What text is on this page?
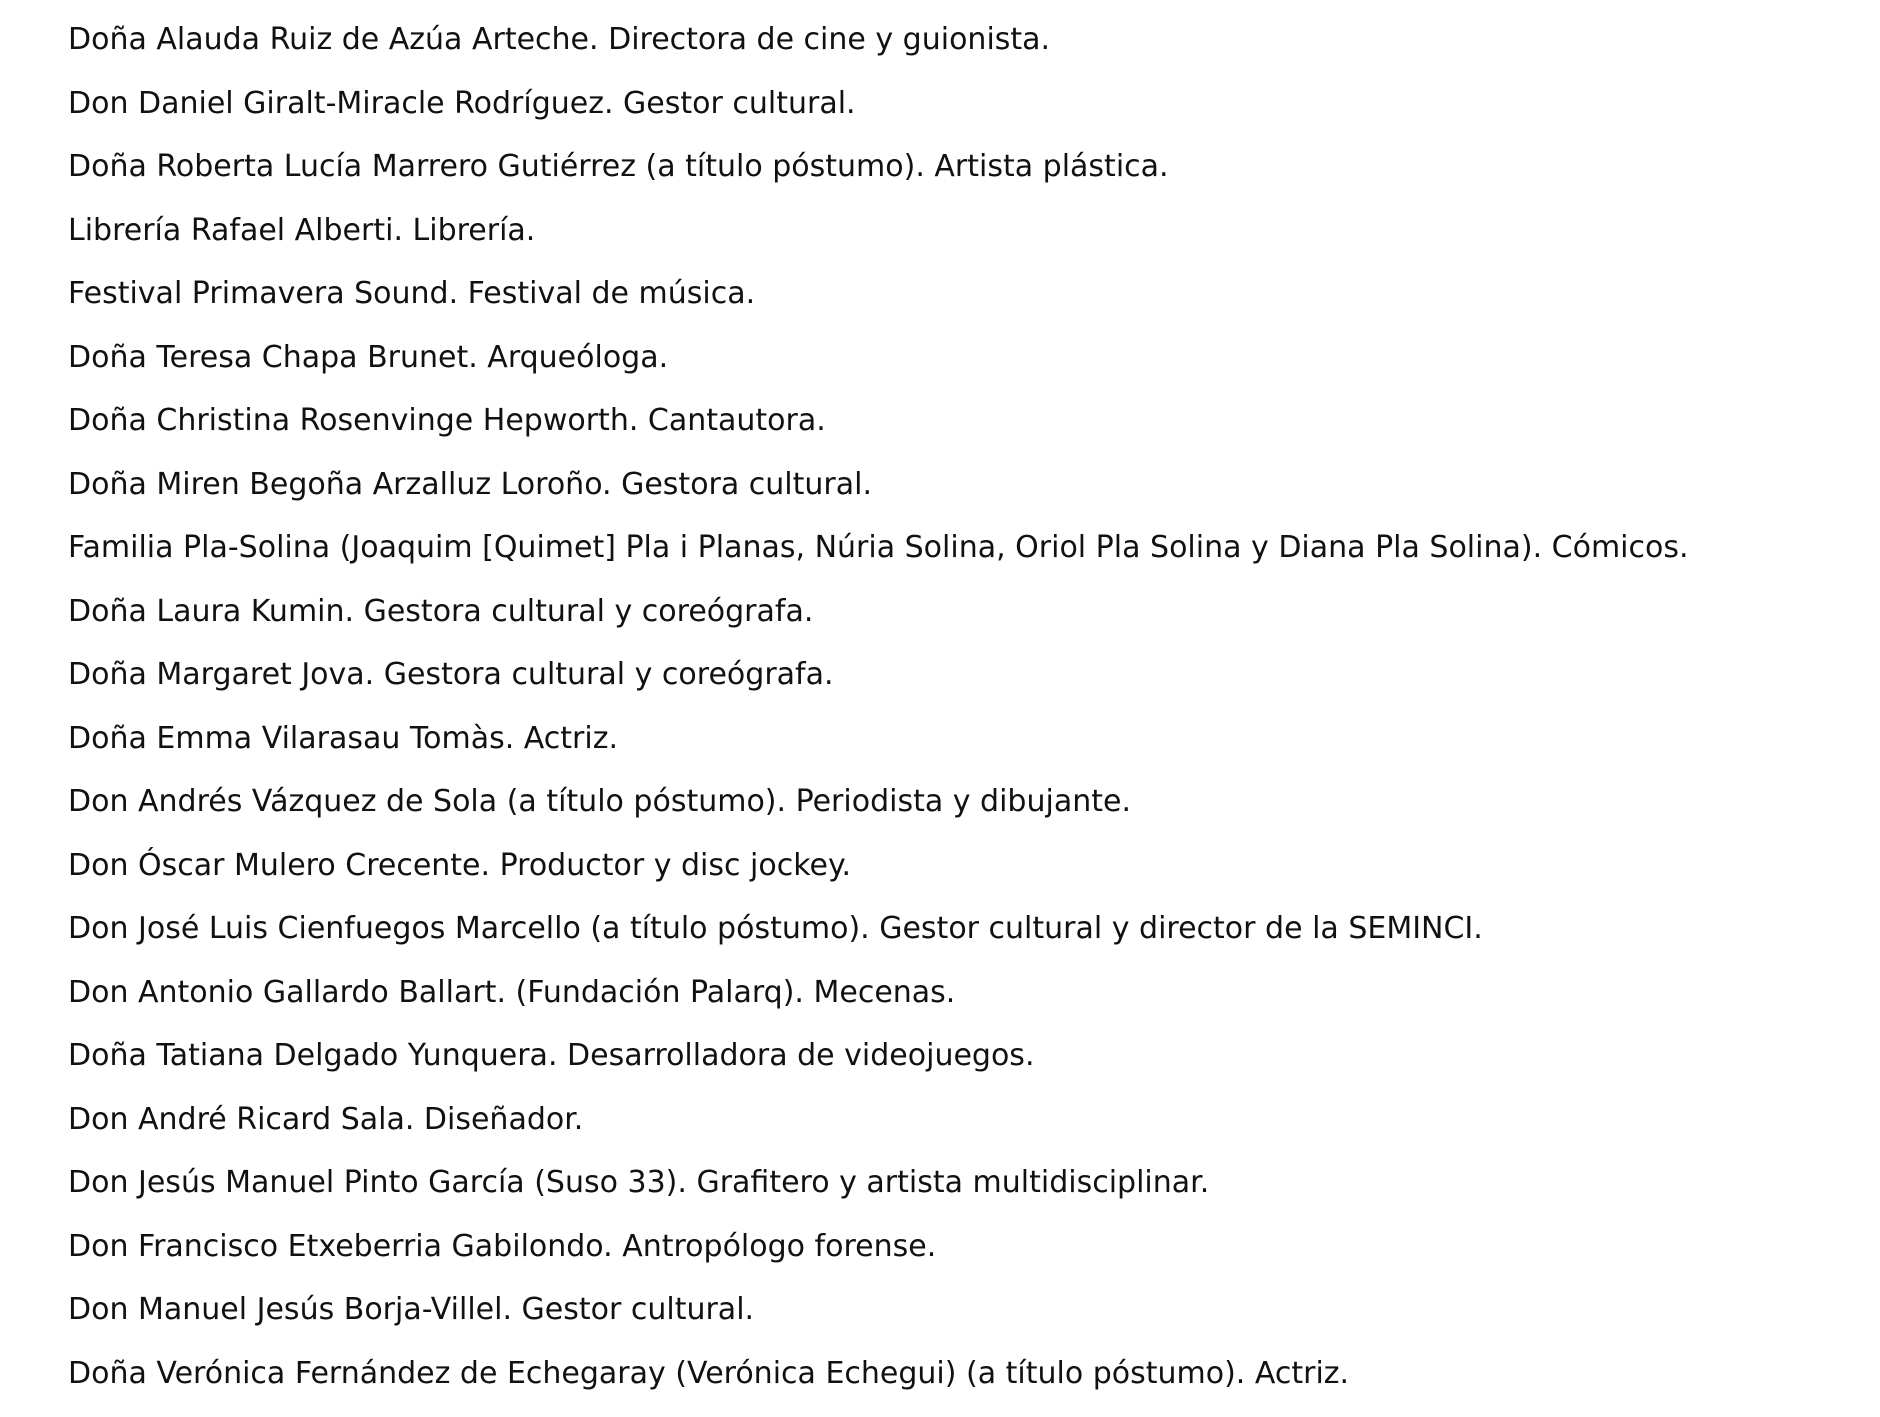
Doña Alauda Ruiz de Azúa Arteche. Directora de cine y guionista.
Don Daniel Giralt-Miracle Rodríguez. Gestor cultural.
Doña Roberta Lucía Marrero Gutiérrez (a título póstumo). Artista plástica.
Librería Rafael Alberti. Librería.
Festival Primavera Sound. Festival de música.
Doña Teresa Chapa Brunet. Arqueóloga.
Doña Christina Rosenvinge Hepworth. Cantautora.
Doña Miren Begoña Arzalluz Loroño. Gestora cultural.
Familia Pla-Solina (Joaquim [Quimet] Pla i Planas, Núria Solina, Oriol Pla Solina y Diana Pla Solina). Cómicos.
Doña Laura Kumin. Gestora cultural y coreógrafa.
Doña Margaret Jova. Gestora cultural y coreógrafa.
Doña Emma Vilarasau Tomàs. Actriz.
Don Andrés Vázquez de Sola (a título póstumo). Periodista y dibujante.
Don Óscar Mulero Crecente. Productor y disc jockey.
Don José Luis Cienfuegos Marcello (a título póstumo). Gestor cultural y director de la SEMINCI.
Don Antonio Gallardo Ballart. (Fundación Palarq). Mecenas.
Doña Tatiana Delgado Yunquera. Desarrolladora de videojuegos.
Don André Ricard Sala. Diseñador.
Don Jesús Manuel Pinto García (Suso 33). Grafitero y artista multidisciplinar.
Don Francisco Etxeberria Gabilondo. Antropólogo forense.
Don Manuel Jesús Borja-Villel. Gestor cultural.
Doña Verónica Fernández de Echegaray (Verónica Echegui) (a título póstumo). Actriz.
